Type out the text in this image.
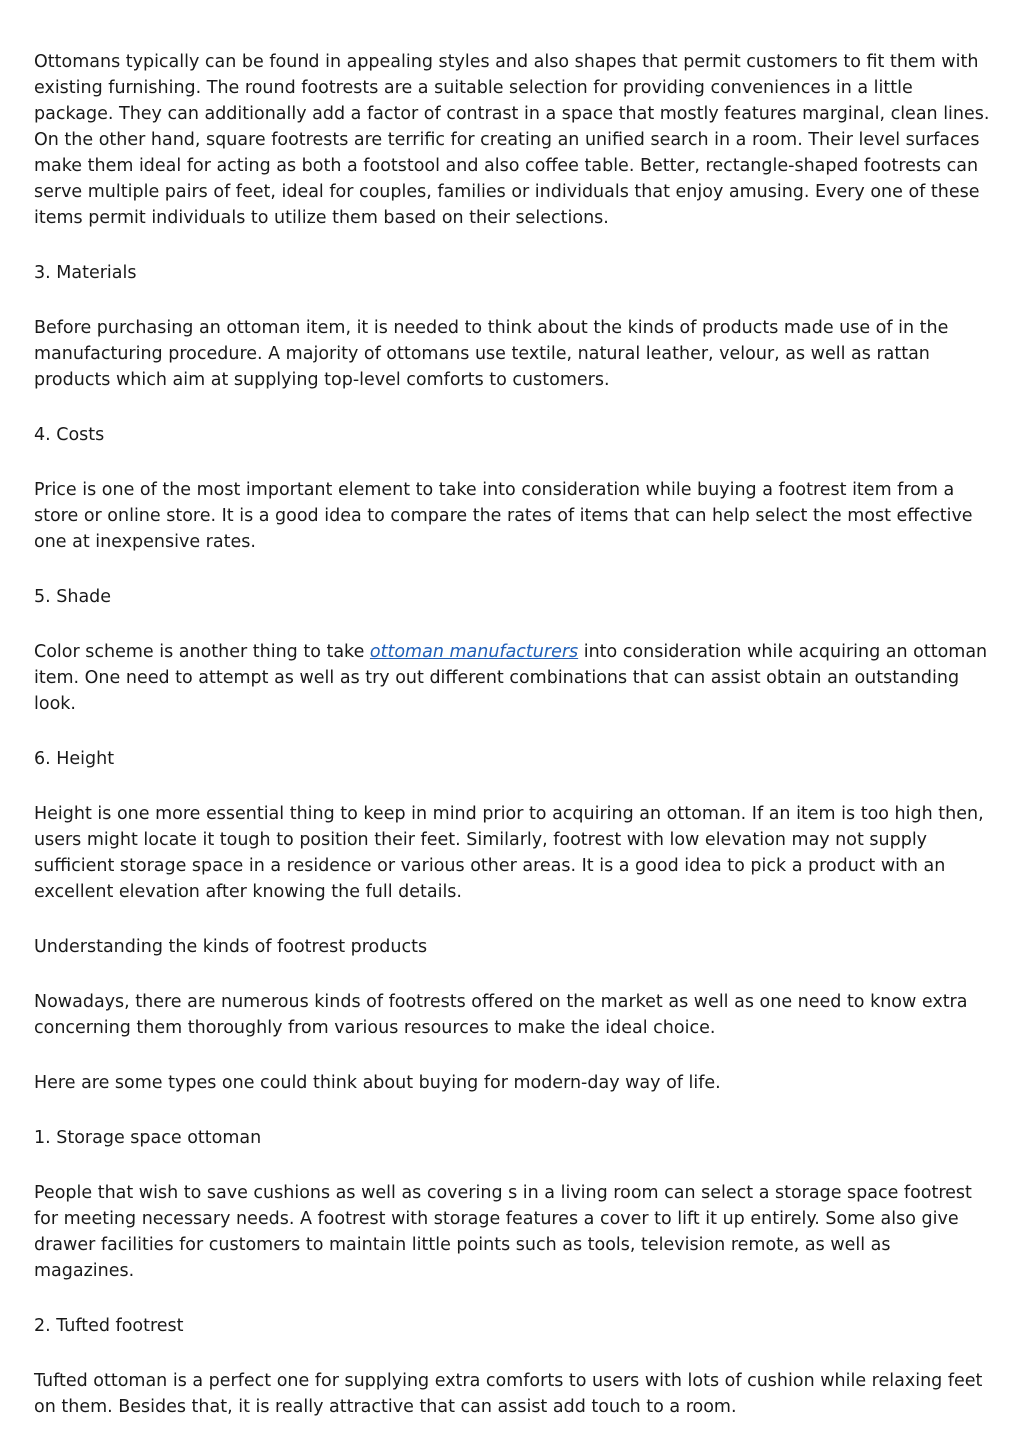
Ottomans typically can be found in appealing styles and also shapes that permit customers to fit them with existing furnishing. The round footrests are a suitable selection for providing conveniences in a little package. They can additionally add a factor of contrast in a space that mostly features marginal, clean lines. On the other hand, square footrests are terrific for creating an unified search in a room. Their level surfaces make them ideal for acting as both a footstool and also coffee table. Better, rectangle-shaped footrests can serve multiple pairs of feet, ideal for couples, families or individuals that enjoy amusing. Every one of these items permit individuals to utilize them based on their selections.

3. Materials

Before purchasing an ottoman item, it is needed to think about the kinds of products made use of in the manufacturing procedure. A majority of ottomans use textile, natural leather, velour, as well as rattan products which aim at supplying top-level comforts to customers.

4. Costs

Price is one of the most important element to take into consideration while buying a footrest item from a store or online store. It is a good idea to compare the rates of items that can help select the most effective one at inexpensive rates.

5. Shade

Color scheme is another thing to take ottoman manufacturers into consideration while acquiring an ottoman item. One need to attempt as well as try out different combinations that can assist obtain an outstanding look.

6. Height

Height is one more essential thing to keep in mind prior to acquiring an ottoman. If an item is too high then, users might locate it tough to position their feet. Similarly, footrest with low elevation may not supply sufficient storage space in a residence or various other areas. It is a good idea to pick a product with an excellent elevation after knowing the full details.

Understanding the kinds of footrest products

Nowadays, there are numerous kinds of footrests offered on the market as well as one need to know extra concerning them thoroughly from various resources to make the ideal choice.

Here are some types one could think about buying for modern-day way of life.

1. Storage space ottoman

People that wish to save cushions as well as covering s in a living room can select a storage space footrest for meeting necessary needs. A footrest with storage features a cover to lift it up entirely. Some also give drawer facilities for customers to maintain little points such as tools, television remote, as well as magazines.

2. Tufted footrest

Tufted ottoman is a perfect one for supplying extra comforts to users with lots of cushion while relaxing feet on them. Besides that, it is really attractive that can assist add touch to a room.
